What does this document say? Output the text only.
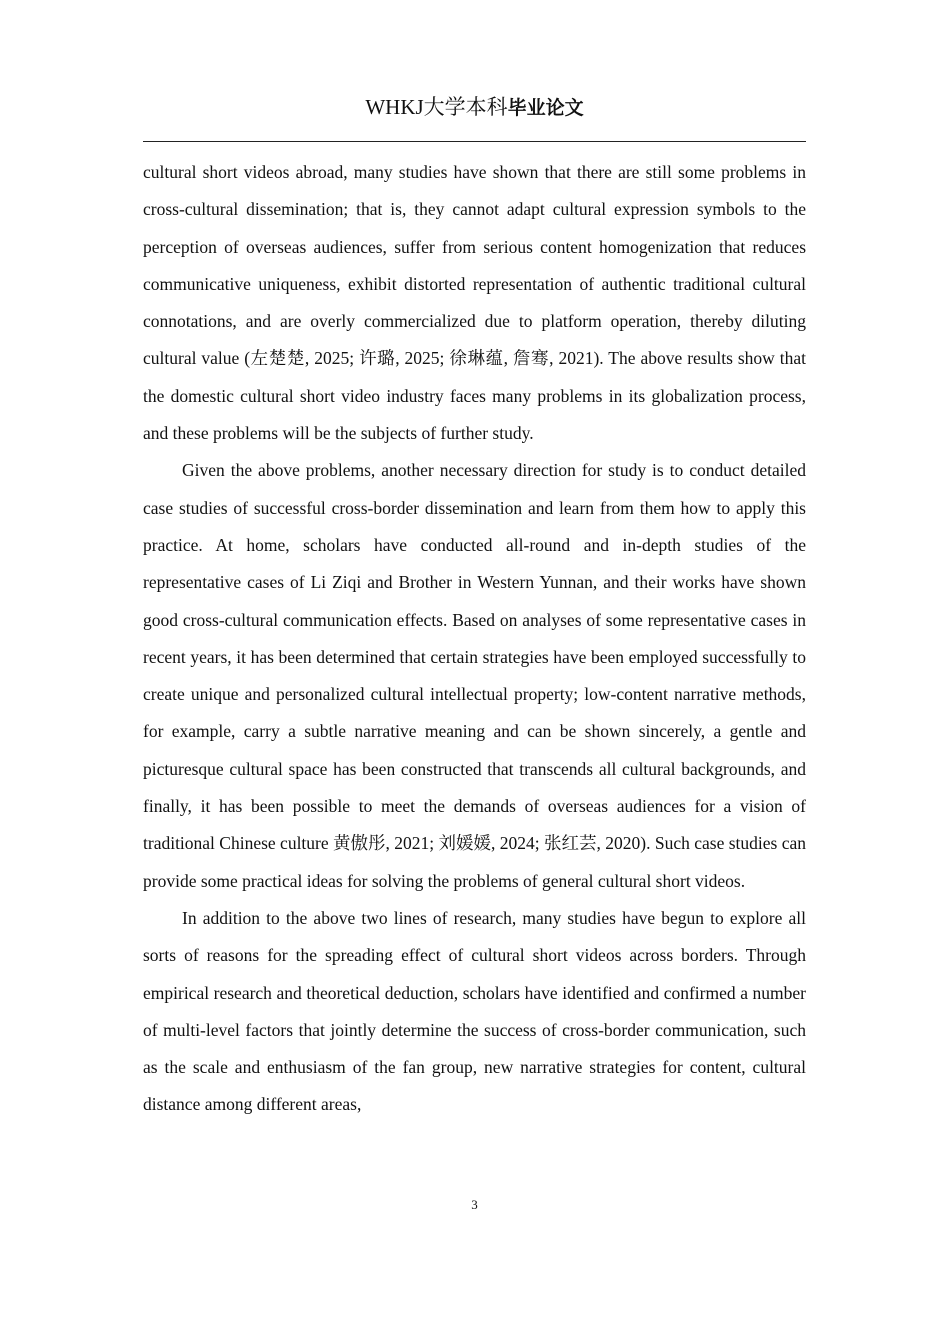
WHKJ大学本科毕业论文

cultural short videos abroad, many studies have shown that there are still some problems in cross-cultural dissemination; that is, they cannot adapt cultural expression symbols to the perception of overseas audiences, suffer from serious content homogenization that reduces communicative uniqueness, exhibit distorted representation of authentic traditional cultural connotations, and are overly commercialized due to platform operation, thereby diluting cultural value (左楚楚, 2025; 许璐, 2025; 徐琳蕴, 詹骞, 2021). The above results show that the domestic cultural short video industry faces many problems in its globalization process, and these problems will be the subjects of further study.

Given the above problems, another necessary direction for study is to conduct detailed case studies of successful cross-border dissemination and learn from them how to apply this practice. At home, scholars have conducted all-round and in-depth studies of the representative cases of Li Ziqi and Brother in Western Yunnan, and their works have shown good cross-cultural communication effects. Based on analyses of some representative cases in recent years, it has been determined that certain strategies have been employed successfully to create unique and personalized cultural intellectual property; low-content narrative methods, for example, carry a subtle narrative meaning and can be shown sincerely, a gentle and picturesque cultural space has been constructed that transcends all cultural backgrounds, and finally, it has been possible to meet the demands of overseas audiences for a vision of traditional Chinese culture 黄傲彤, 2021; 刘媛媛, 2024; 张红芸, 2020). Such case studies can provide some practical ideas for solving the problems of general cultural short videos.

In addition to the above two lines of research, many studies have begun to explore all sorts of reasons for the spreading effect of cultural short videos across borders. Through empirical research and theoretical deduction, scholars have identified and confirmed a number of multi-level factors that jointly determine the success of cross-border communication, such as the scale and enthusiasm of the fan group, new narrative strategies for content, cultural distance among different areas,

3
